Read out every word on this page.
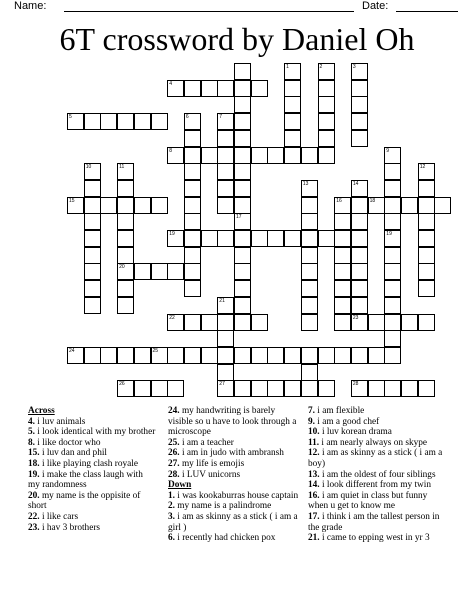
Name:	Date:
6T crossword by Daniel Oh
1	2	3
4
5	6	7
8	9
10	11	12
13	14
15	16	18
17
19	19
20
21
22	23
24	25
26	27	28
Across
4. i luv animals
5. i look identical with my brother
8. i like doctor who
15. i luv dan and phil
18. i like playing clash royale
19. i make the class laugh with my randomness
20. my name is the oppisite of short
22. i like cars
23. i hav 3 brothers
24. my handwriting is barely visible so u have to look through a microscope
25. i am a teacher
26. i am in judo with ambransh
27. my life is emojis
28. i LUV unicorns
Down
1. i was kookaburras house captain
2. my name is a palindrome
3. i am as skinny as a stick ( i am a girl )
6. i recently had chicken pox
7. i am flexible
9. i am a good chef
10. i luv korean drama
11. i am nearly always on skype
12. i am as skinny as a stick ( i am a boy)
13. i am the oldest of four siblings
14. i look different from my twin
16. i am quiet in class but funny when u get to know me
17. i think i am the tallest person in the grade
21. i came to epping west in yr 3
